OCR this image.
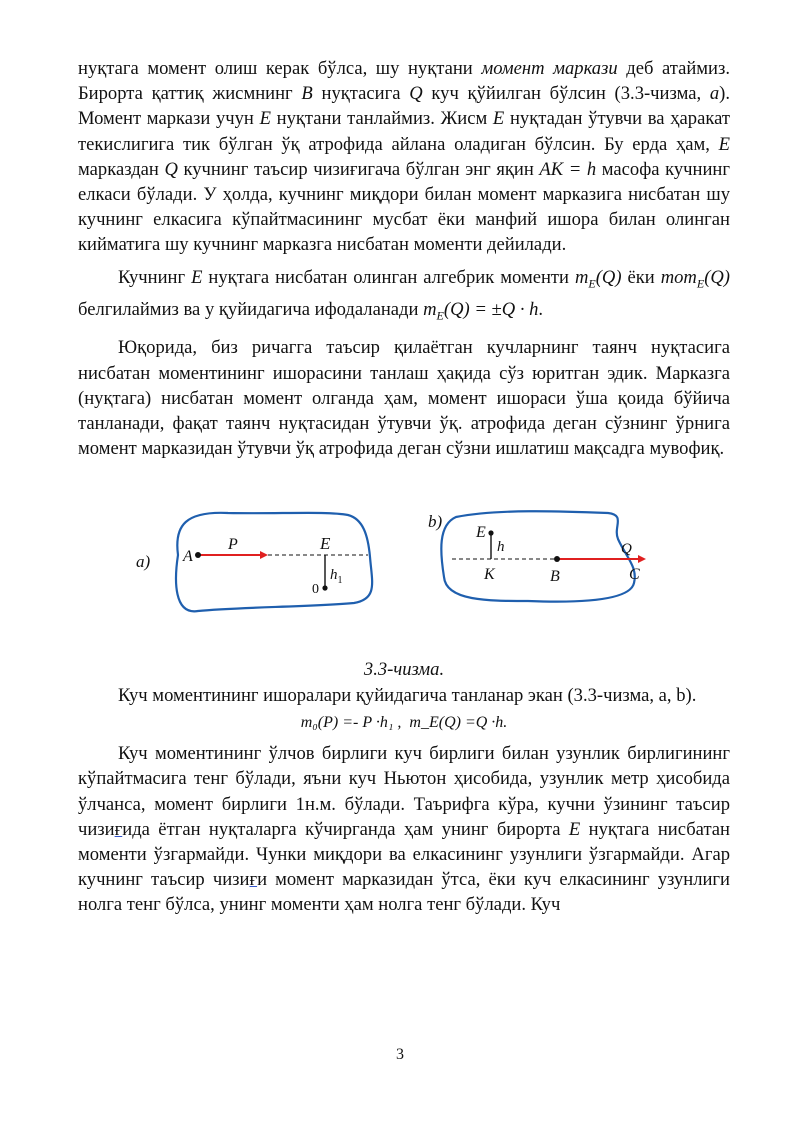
нуқтага момент олиш керак бўлса, шу нуқтани момент маркази деб атаймиз. Бирорта қаттиқ жисмнинг B нуқтасига Q куч қўйилган бўлсин (3.3-чизма, a). Момент маркази учун E нуқтани танлаймиз. Жисм E нуқтадан ўтувчи ва ҳаракат текислигига тик бўлган ўқ атрофида айлана оладиган бўлсин. Бу ерда ҳам, E марказдан Q кучнинг таъсир чизиғигача бўлган энг яқин AK = h масофа кучнинг елкаси бўлади. У ҳолда, кучнинг миқдори билан момент марказига нисбатан шу кучнинг елкасига кўпайтмасининг мусбат ёки манфий ишора билан олинган кийматига шу кучнинг марказга нисбатан моменти дейилади.

Кучнинг E нуқтага нисбатан олинган алгебрик моменти $m_E(Q)$ ёки mom$_E$(Q) белгилаймиз ва у қуйидагича ифодаланади $m_E(Q) = \pm Q \cdot h$.

Юқорида, биз ричагга таъсир қилаётган кучларнинг таянч нуқтасига нисбатан моментининг ишорасини танлаш ҳақида сўз юритган эдик. Марказга (нуқтага) нисбатан момент олганда ҳам, момент ишораси ўша қоида бўйича танланади, фақат таянч нуқтасидан ўтувчи ўқ. атрофида деган сўзнинг ўрнига момент марказидан ўтувчи ўқ атрофида деган сўзни ишлатиш мақсадга мувофиқ.

a) A
P	E
$h_1$
0
b)
E
h
K	B
Q
C

3.3-чизма.

Куч моментининг ишоралари қуйидагича танланар экан (3.3-чизма, a, b).

m₀(P) =- P ·h₁ , m_E(Q) =Q ·h.

Куч моментининг ўлчов бирлиги куч бирлиги билан узунлик бирлигининг кўпайтмасига тенг бўлади, яъни куч Ньютон ҳисобида, узунлик метр ҳисобида ўлчанса, момент бирлиги 1н.м. бўлади. Таърифга кўра, кучни ўзининг таъсир чизиғида ётган нуқталарга кўчирганда ҳам унинг бирорта E нуқтага нисбатан моменти ўзгармайди. Чунки миқдори ва елкасининг узунлиги ўзгармайди. Агар кучнинг таъсир чизиғи момент марказидан ўтса, ёки куч елкасининг узунлиги нолга тенг бўлса, унинг моменти ҳам нолга тенг бўлади. Куч

3
